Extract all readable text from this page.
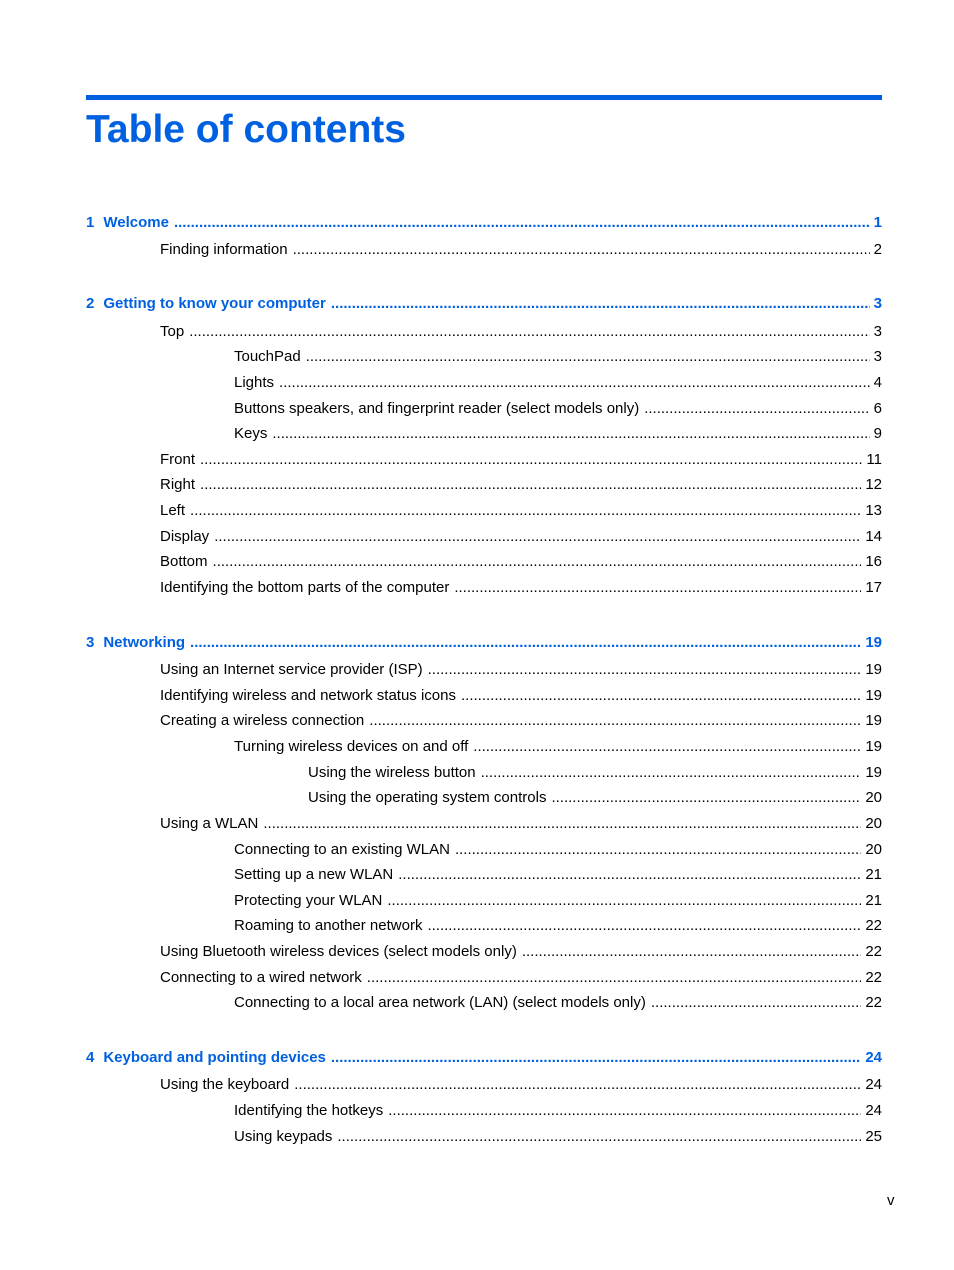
Table of contents
1 Welcome .....	1
Finding information .....	2
2 Getting to know your computer .....	3
Top .....	3
TouchPad .....	3
Lights .....	4
Buttons speakers, and fingerprint reader (select models only) .....	6
Keys .....	9
Front .....	11
Right .....	12
Left .....	13
Display .....	14
Bottom .....	16
Identifying the bottom parts of the computer .....	17
3 Networking .....	19
Using an Internet service provider (ISP) .....	19
Identifying wireless and network status icons .....	19
Creating a wireless connection .....	19
Turning wireless devices on and off .....	19
Using the wireless button .....	19
Using the operating system controls .....	20
Using a WLAN .....	20
Connecting to an existing WLAN .....	20
Setting up a new WLAN .....	21
Protecting your WLAN .....	21
Roaming to another network .....	22
Using Bluetooth wireless devices (select models only) .....	22
Connecting to a wired network .....	22
Connecting to a local area network (LAN) (select models only) .....	22
4 Keyboard and pointing devices .....	24
Using the keyboard .....	24
Identifying the hotkeys .....	24
Using keypads .....	25
v
